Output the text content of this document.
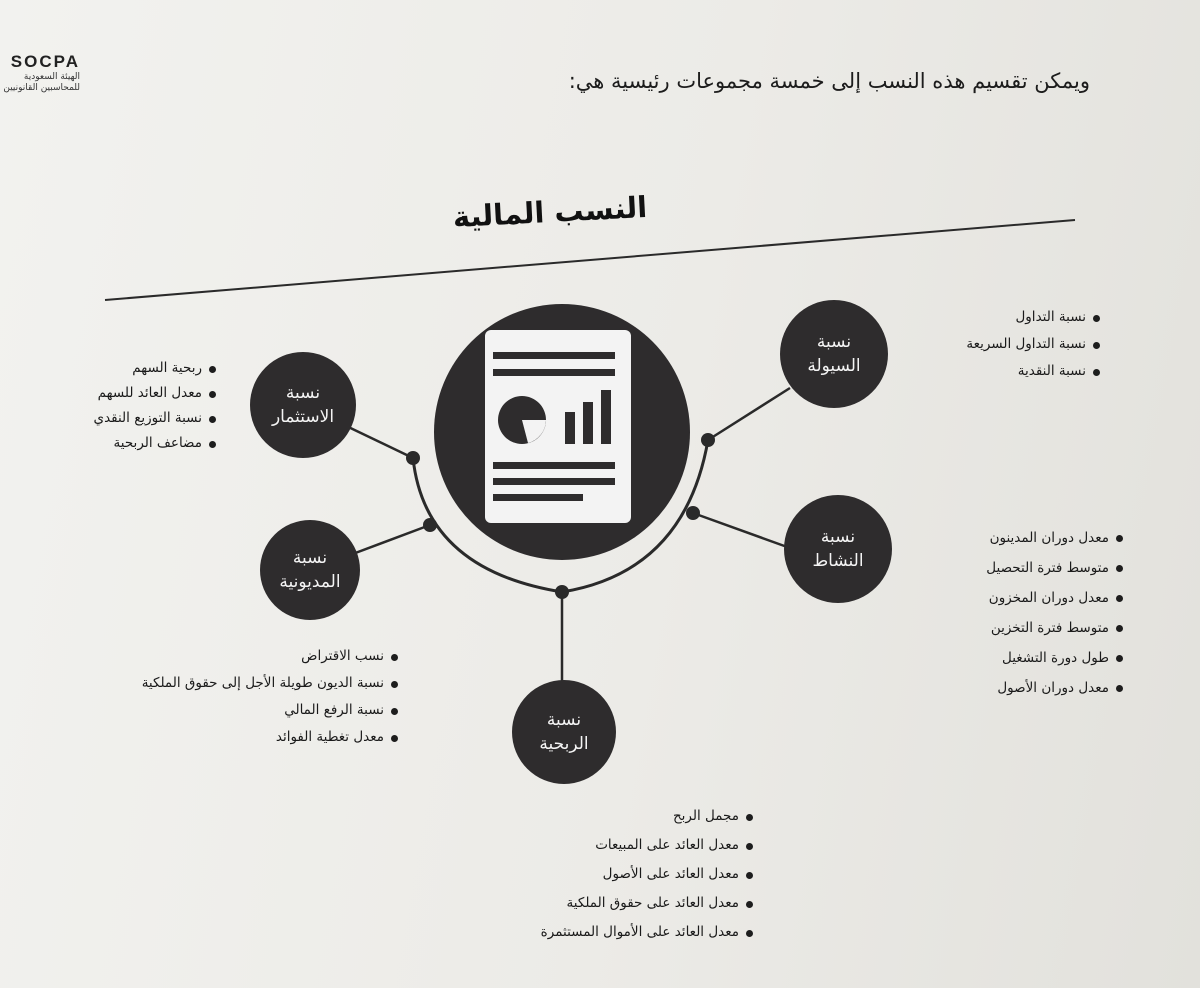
SOCPA
الهيئة السعودية
للمحاسبين القانونيين	ويمكن تقسيم هذه النسب إلى خمسة مجموعات رئيسية هي:
النسب المالية
نسبة
السيولة
نسبة
الاستثمار
نسبة
النشاط
نسبة
المديونية
نسبة
الربحية
نسبة التداول
نسبة التداول السريعة
نسبة النقدية
ربحية السهم
معدل العائد للسهم
نسبة التوزيع النقدي
مضاعف الربحية
معدل دوران المدينون
متوسط فترة التحصيل
معدل دوران المخزون
متوسط فترة التخزين
طول دورة التشغيل
معدل دوران الأصول
نسب الاقتراض
نسبة الديون طويلة الأجل إلى حقوق الملكية
نسبة الرفع المالي
معدل تغطية الفوائد
مجمل الربح
معدل العائد على المبيعات
معدل العائد على الأصول
معدل العائد على حقوق الملكية
معدل العائد على الأموال المستثمرة
